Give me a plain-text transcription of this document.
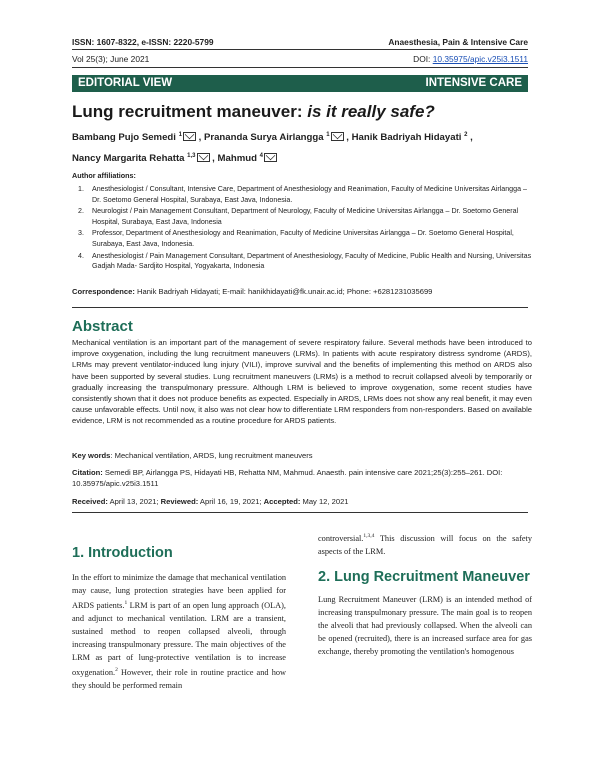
ISSN: 1607-8322, e-ISSN: 2220-5799	Anaesthesia, Pain & Intensive Care
Vol 25(3); June 2021	DOI: 10.35975/apic.v25i3.1511
EDITORIAL VIEW	INTENSIVE CARE
Lung recruitment maneuver: is it really safe?
Bambang Pujo Semedi $^1$ , Prananda Surya Airlangga $^1$ , Hanik Badriyah Hidayati $^2$ ,
Nancy Margarita Rehatta $^{1,3}$ , Mahmud $^4$
Author affiliations:
1. Anesthesiologist / Consultant, Intensive Care, Department of Anesthesiology and Reanimation, Faculty of Medicine Universitas Airlangga – Dr. Soetomo General Hospital, Surabaya, East Java, Indonesia.
2. Neurologist / Pain Management Consultant, Department of Neurology, Faculty of Medicine Universitas Airlangga – Dr. Soetomo General Hospital, Surabaya, East Java, Indonesia
3. Professor, Department of Anesthesiology and Reanimation, Faculty of Medicine Universitas Airlangga – Dr. Soetomo General Hospital, Surabaya, East Java, Indonesia.
4. Anesthesiologist / Pain Management Consultant, Department of Anesthesiology, Faculty of Medicine, Public Health and Nursing, Universitas Gadjah Mada- Sardjito Hospital, Yogyakarta, Indonesia
Correspondence: Hanik Badriyah Hidayati; E-mail: hanikhidayati@fk.unair.ac.id; Phone: +6281231035699
Abstract
Mechanical ventilation is an important part of the management of severe respiratory failure. Several methods have been introduced to improve oxygenation, including the lung recruitment maneuvers (LRMs). In patients with acute respiratory distress syndrome (ARDS), LRMs may prevent ventilator-induced lung injury (VILI), improve survival and the benefits of implementing this method on ARDS also have been supported by several studies. Lung recruitment maneuvers (LRMs) is a method to recruit collapsed alveoli by temporarily or gradually increasing the transpulmonary pressure. Although LRM is believed to improve oxygenation, some recent studies have consistently shown that it does not produce benefits as expected. Especially in ARDS, LRMs does not show any real benefit, it may even cause unfavorable effects. Until now, it also was not clear how to differentiate LRM responders from non-responders. Based on available evidence, LRM is not recommended as a routine procedure for ARDS patients.
Key words: Mechanical ventilation, ARDS, lung recruitment maneuvers
Citation: Semedi BP, Airlangga PS, Hidayati HB, Rehatta NM, Mahmud. Anaesth. pain intensive care 2021;25(3):255–261. DOI: 10.35975/apic.v25i3.1511
Received: April 13, 2021; Reviewed: April 16, 19, 2021; Accepted: May 12, 2021
1. Introduction
In the effort to minimize the damage that mechanical ventilation may cause, lung protection strategies have been applied for ARDS patients.$^1$ LRM is part of an open lung approach (OLA), and adjunct to mechanical ventilation. LRM are a transient, sustained method to reopen collapsed alveoli, through increasing transpulmonary pressure. The main objectives of the LRM as part of lung-protective ventilation is to increase oxygenation.$^2$ However, their role in routine practice and how they should be performed remain
controversial.$^{1,3,4}$ This discussion will focus on the safety aspects of the LRM.
2. Lung Recruitment Maneuver
Lung Recruitment Maneuver (LRM) is an intended method of increasing transpulmonary pressure. The main goal is to reopen the alveoli that had previously collapsed. When the alveoli can be opened (recruited), there is an increased surface area for gas exchange, thereby promoting the ventilation's homogenous
